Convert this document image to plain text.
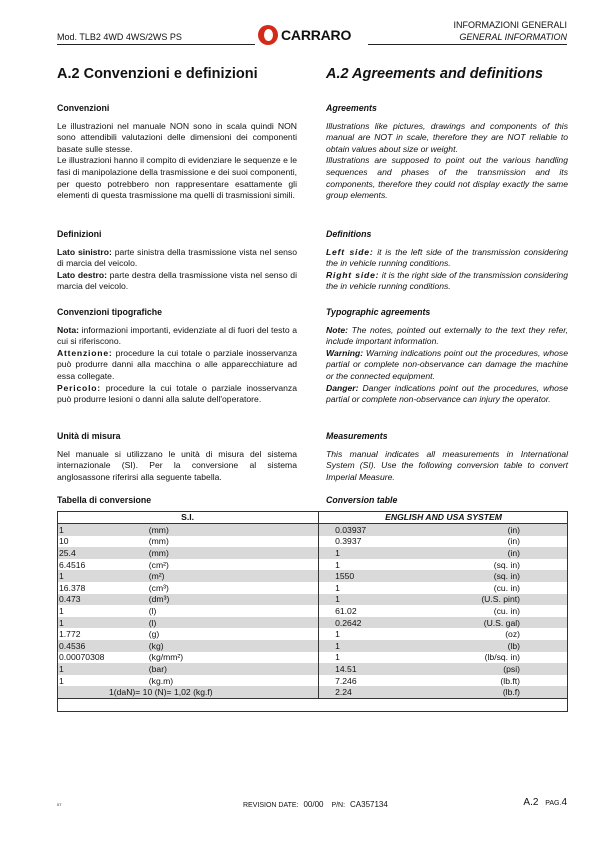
Mod. TLB2 4WD 4WS/2WS PS	CARRARO
INFORMAZIONI GENERALI
GENERAL INFORMATION
A.2 Convenzioni e definizioni
Convenzioni

Le illustrazioni nel manuale NON sono in scala quindi NON sono attendibili valutazioni delle dimensioni dei componenti basate sulle stesse.

Le illustrazioni hanno il compito di evidenziare le sequenze e le fasi di manipolazione della trasmissione e dei suoi componenti, per questo potrebbero non rappresentare esattamente gli elementi di questa trasmissione ma quelli di trasmissioni simili.

Definizioni

Lato sinistro: parte sinistra della trasmissione vista nel senso di marcia del veicolo.

Lato destro: parte destra della trasmissione vista nel senso di marcia del veicolo.

Convenzioni tipografiche

Nota: informazioni importanti, evidenziate al di fuori del testo a cui si riferiscono.

Attenzione: procedure la cui totale o parziale inosservanza può produrre danni alla macchina o alle apparecchiature ad essa collegate.

Pericolo: procedure la cui totale o parziale inosservanza può produrre lesioni o danni alla salute dell'operatore.

Unità di misura

Nel manuale si utilizzano le unità di misura del sistema internazionale (SI). Per la conversione al sistema anglosassone riferirsi alla seguente tabella.

Tabella di conversione
A.2 Agreements and definitions
Agreements

Illustrations like pictures, drawings and components of this manual are NOT in scale, therefore they are NOT reliable to obtain values about size or weight.

Illustrations are supposed to point out the various handling sequences and phases of the transmission and its components, therefore they could not display exactly the same group elements.

Definitions

Left side: it is the left side of the transmission considering the in vehicle running conditions.

Right side: it is the right side of the transmission considering the in vehicle running conditions.

Typographic agreements

Note: The notes, pointed out externally to the text they refer, include important information.

Warning: Warning indications point out the procedures, whose partial or complete non-observance can damage the machine or the connected equipment.

Danger: Danger indications point out the procedures, whose partial or complete non-observance can injury the operator.

Measurements

This manual indicates all measurements in International System (SI). Use the following conversion table to convert Imperial Measure.

Conversion table
S.I.		ENGLISH AND USA SYSTEM	
1	(mm)	0.03937	(in)
10	(mm)	0.3937	(in)
25.4	(mm)	1	(in)
6.4516	(cm²)	1	(sq. in)
1	(m²)	1550	(sq. in)
16.378	(cm³)	1	(cu. in)
0.473	(dm³)	1	(U.S. pint)
1	(l)	61.02	(cu. in)
1	(l)	0.2642	(U.S. gal)
1.772	(g)	1	(oz)
0.4536	(kg)	1	(lb)
0.00070308	(kg/mm²)	1	(lb/sq. in)
1	(bar)	14.51	(psi)
1	(kg.m)	7.246	(lb.ft)
1(daN)= 10 (N)= 1,02 (kg.f)		2.24	(lb.f)
07	REVISION DATE: 00/00 P/N: CA357134	A.2 PAG.4
